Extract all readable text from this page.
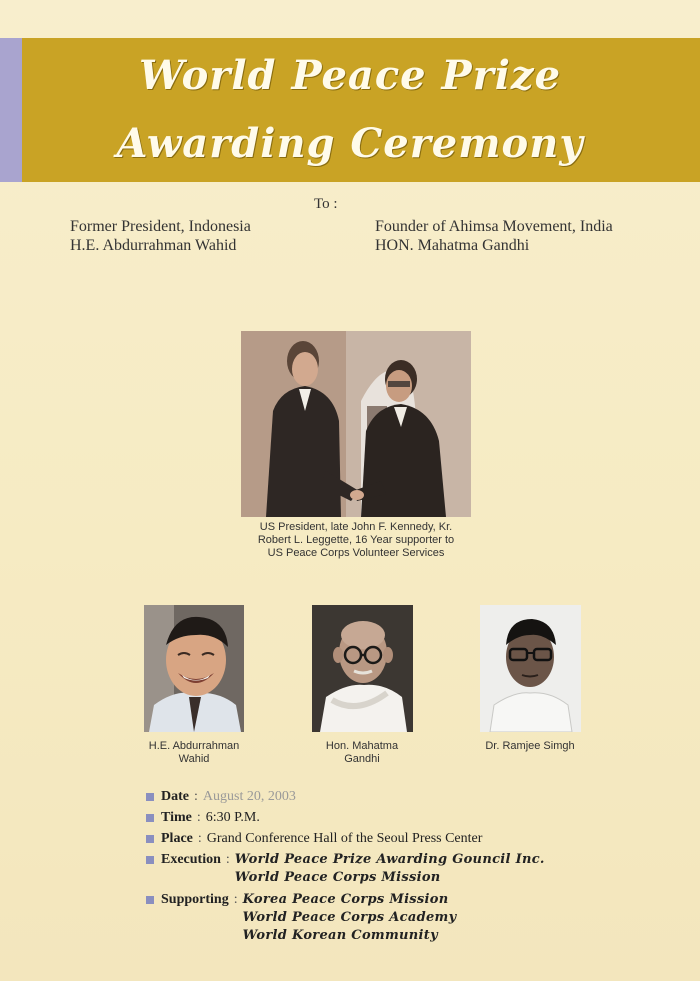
World Peace Prize
Awarding Ceremony
To :
Former President, Indonesia
H.E. Abdurrahman Wahid
Founder of Ahimsa Movement, India
HON. Mahatma Gandhi
US President, late John F. Kennedy, Kr.
Robert L. Leggette, 16 Year supporter to
US Peace Corps Volunteer Services
H.E. Abdurrahman
Wahid
Hon. Mahatma
Gandhi
Dr. Ramjee Simgh
Date : August 20, 2003
Time : 6:30 P.M.
Place : Grand Conference Hall of the Seoul Press Center
Execution : World Peace Prize Awarding Gouncil Inc.
World Peace Corps Mission
Supporting : Korea Peace Corps Mission
World Peace Corps Academy
World Korean Community
